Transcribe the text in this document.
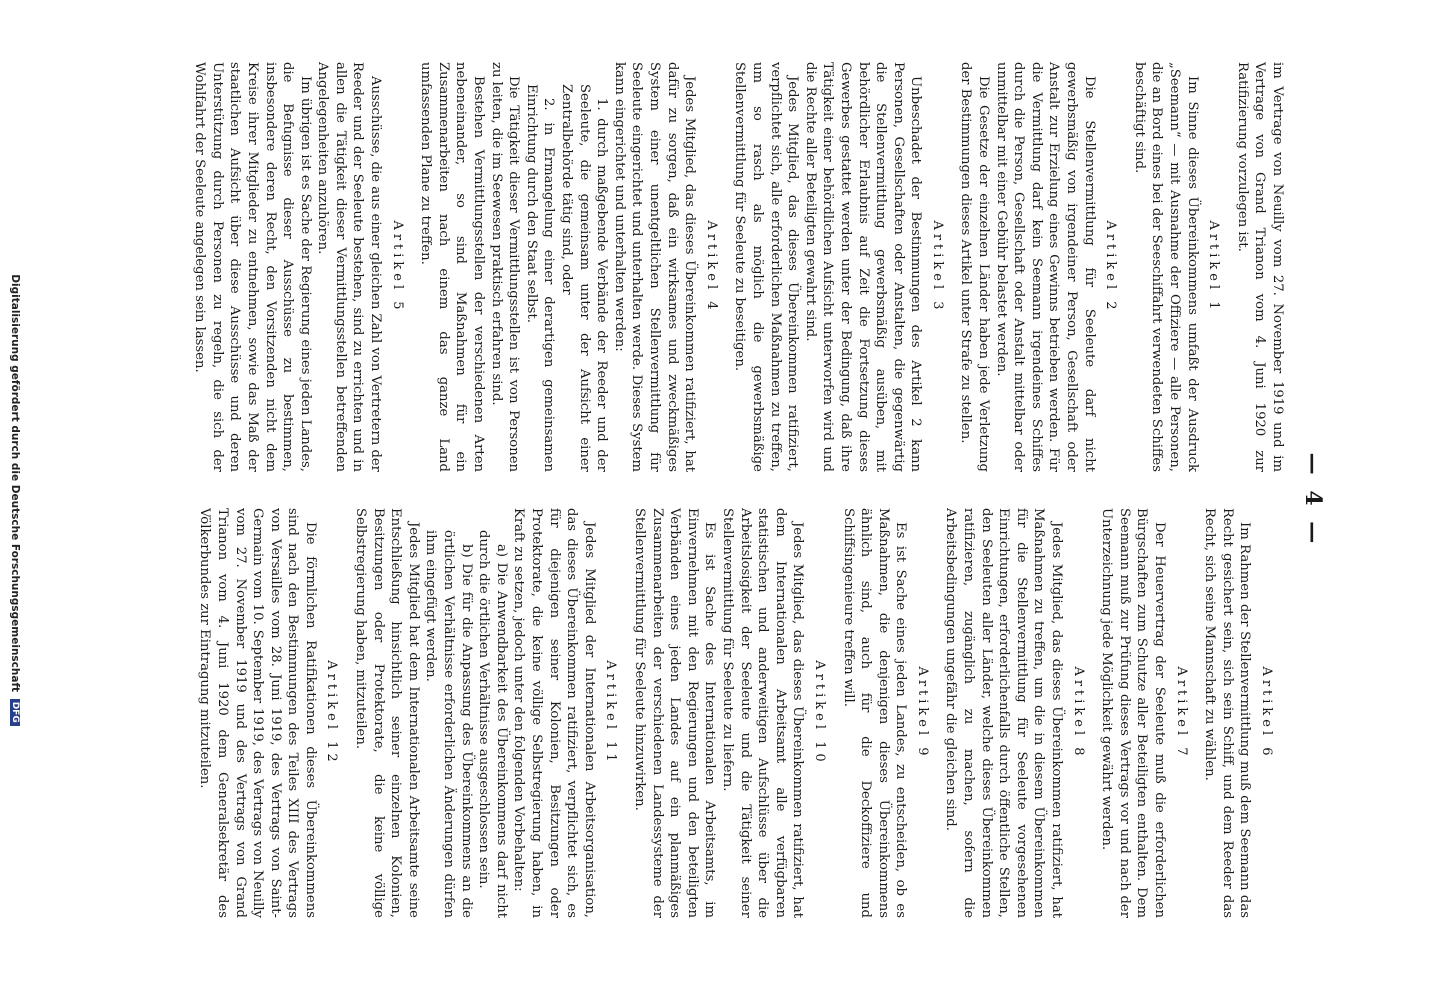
— 4 —

im Vertrage von Neuilly vom 27. November 1919 und im Vertrage von Grand Trianon vom 4. Juni 1920 zur Ratifizierung vorzulegen ist.

Artikel 1

Im Sinne dieses Übereinkommens umfaßt der Ausdruck „Seemann“ — mit Ausnahme der Offiziere — alle Personen, die an Bord eines bei der Seeschiffahrt verwendeten Schiffes beschäftigt sind.

Artikel 2

Die Stellenvermittlung für Seeleute darf nicht gewerbsmäßig von irgendeiner Person, Gesellschaft oder Anstalt zur Erzielung eines Gewinns betrieben werden. Für die Vermittlung darf kein Seemann irgendeines Schiffes durch die Person, Gesellschaft oder Anstalt mittelbar oder unmittelbar mit einer Gebühr belastet werden.

Die Gesetze der einzelnen Länder haben jede Verletzung der Bestimmungen dieses Artikel unter Strafe zu stellen.

Artikel 3

Unbeschadet der Bestimmungen des Artikel 2 kann Personen, Gesellschaften oder Anstalten, die gegenwärtig die Stellenvermittlung gewerbsmäßig ausüben, mit behördlicher Erlaubnis auf Zeit die Fortsetzung dieses Gewerbes gestattet werden unter der Bedingung, daß ihre Tätigkeit einer behördlichen Aufsicht unterworfen wird und die Rechte aller Beteiligten gewahrt sind.

Jedes Mitglied, das dieses Übereinkommen ratifiziert, verpflichtet sich, alle erforderlichen Maßnahmen zu treffen, um so rasch als möglich die gewerbsmäßige Stellenvermittlung für Seeleute zu beseitigen.

Artikel 4

Jedes Mitglied, das dieses Übereinkommen ratifiziert, hat dafür zu sorgen, daß ein wirksames und zweckmäßiges System einer unentgeltlichen Stellenvermittlung für Seeleute eingerichtet und unterhalten werde. Dieses System kann eingerichtet und unterhalten werden:

1. durch maßgebende Verbände der Reeder und der Seeleute, die gemeinsam unter der Aufsicht einer Zentralbehörde tätig sind, oder

2. in Ermangelung einer derartigen gemeinsamen Einrichtung durch den Staat selbst.

Die Tätigkeit dieser Vermittlungsstellen ist von Personen zu leiten, die im Seewesen praktisch erfahren sind.

Bestehen Vermittlungsstellen der verschiedenen Arten nebeneinander, so sind Maßnahmen für ein Zusammenarbeiten nach einem das ganze Land umfassenden Plane zu treffen.

Artikel 5

Ausschüsse, die aus einer gleichen Zahl von Vertretern der Reeder und der Seeleute bestehen, sind zu errichten und in allen die Tätigkeit dieser Vermittlungsstellen betreffenden Angelegenheiten anzuhören.

Im übrigen ist es Sache der Regierung eines jeden Landes, die Befugnisse dieser Ausschüsse zu bestimmen, insbesondere deren Recht, den Vorsitzenden nicht dem Kreise ihrer Mitglieder zu entnehmen, sowie das Maß der staatlichen Aufsicht über diese Ausschüsse und deren Unterstützung durch Personen zu regeln, die sich der Wohlfahrt der Seeleute angelegen sein lassen.

Artikel 6

Im Rahmen der Stellenvermittlung muß dem Seemann das Recht gesichert sein, sich sein Schiff, und dem Reeder das Recht, sich seine Mannschaft zu wählen.

Artikel 7

Der Heuervertrag der Seeleute muß die erforderlichen Bürgschaften zum Schutze aller Beteiligten enthalten. Dem Seemann muß zur Prüfung dieses Vertrags vor und nach der Unterzeichnung jede Möglichkeit gewährt werden.

Artikel 8

Jedes Mitglied, das dieses Übereinkommen ratifiziert, hat Maßnahmen zu treffen, um die in diesem Übereinkommen für die Stellenvermittlung für Seeleute vorgesehenen Einrichtungen, erforderlichenfalls durch öffentliche Stellen, den Seeleuten aller Länder, welche dieses Übereinkommen ratifizieren, zugänglich zu machen, sofern die Arbeitsbedingungen ungefähr die gleichen sind.

Artikel 9

Es ist Sache eines jeden Landes, zu entscheiden, ob es Maßnahmen, die denjenigen dieses Übereinkommens ähnlich sind, auch für die Deckoffiziere und Schiffsingenieure treffen will.

Artikel 10

Jedes Mitglied, das dieses Übereinkommen ratifiziert, hat dem Internationalen Arbeitsamt alle verfügbaren statistischen und anderweitigen Aufschlüsse über die Arbeitslosigkeit der Seeleute und die Tätigkeit seiner Stellenvermittlung für Seeleute zu liefern.

Es ist Sache des Internationalen Arbeitsamts, im Einvernehmen mit den Regierungen und den beteiligten Verbänden eines jeden Landes auf ein planmäßiges Zusammenarbeiten der verschiedenen Landessysteme der Stellenvermittlung für Seeleute hinzuwirken.

Artikel 11

Jedes Mitglied der Internationalen Arbeitsorganisation, das dieses Übereinkommen ratifiziert, verpflichtet sich, es für diejenigen seiner Kolonien, Besitzungen oder Protektorate, die keine völlige Selbstregierung haben, in Kraft zu setzen, jedoch unter den folgenden Vorbehalten:

a) Die Anwendbarkeit des Übereinkommens darf nicht durch die örtlichen Verhältnisse ausgeschlossen sein.

b) Die für die Anpassung des Übereinkommens an die örtlichen Verhältnisse erforderlichen Änderungen dürfen ihm eingefügt werden.

Jedes Mitglied hat dem Internationalen Arbeitsamte seine Entschließung hinsichtlich seiner einzelnen Kolonien, Besitzungen oder Protektorate, die keine völlige Selbstregierung haben, mitzuteilen.

Artikel 12

Die förmlichen Ratifikationen dieses Übereinkommens sind nach den Bestimmungen des Teiles XIII des Vertrags von Versailles vom 28. Juni 1919, des Vertrags von Saint-Germain vom 10. September 1919, des Vertrags von Neuilly vom 27. November 1919 und des Vertrags von Grand Trianon vom 4. Juni 1920 dem Generalsekretär des Völkerbundes zur Eintragung mitzuteilen.

Digitalisierung gefördert durch die Deutsche Forschungsgemeinschaft DFG
